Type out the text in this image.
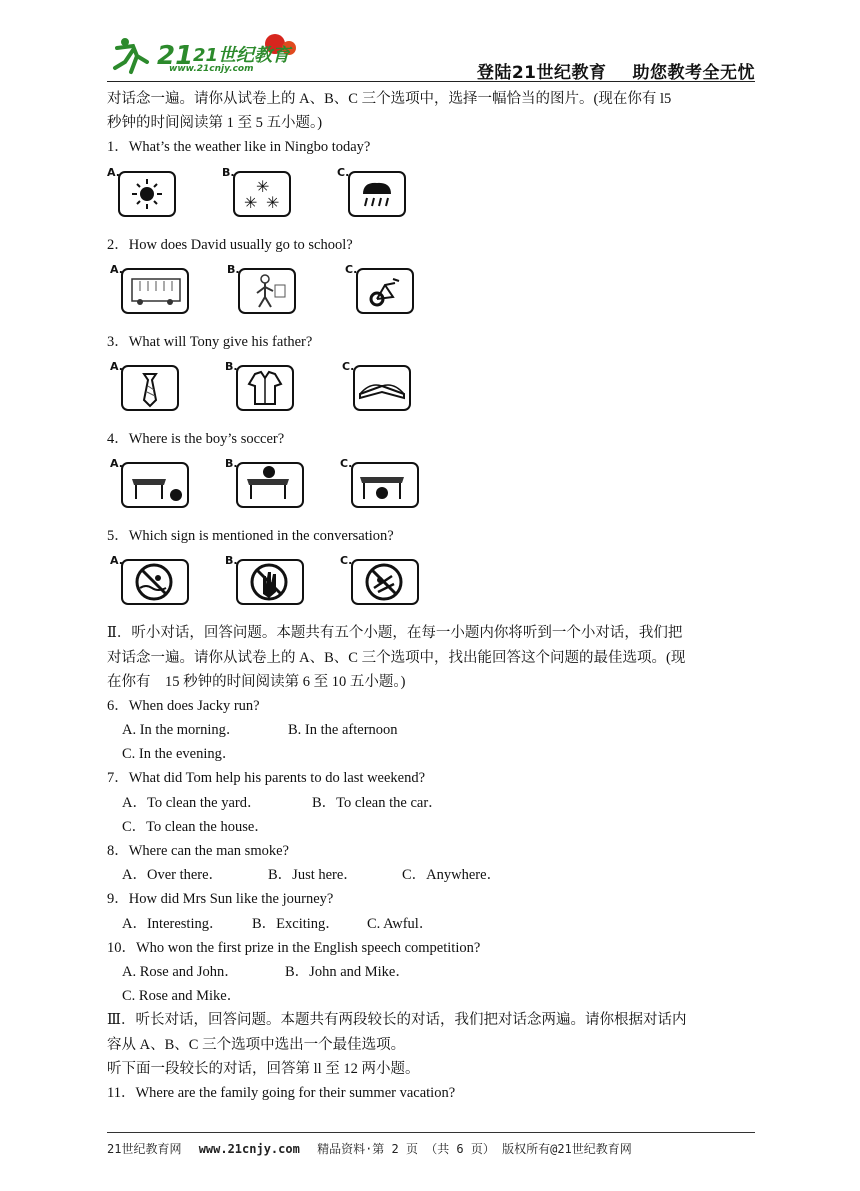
21 21世纪教育
www.21cnjy.com	登陆21世纪教育 助您教考全无忧
对话念一遍。请你从试卷上的 A、B、C 三个选项中，选择一幅恰当的图片。(现在你有 l5
秒钟的时间阅读第 1 至 5 五小题。)
1．What’s the weather like in Ningbo today?
A.	B.
✳
✳ ✳
C.
2．How does David usually go to school?
A.	B.	C.
3．What will Tony give his father?
A.	B.	C.
4．Where is the boy’s soccer?
A.	B.	C.
5．Which sign is mentioned in the conversation?
A.	B.	C.
Ⅱ．听小对话，回答问题。本题共有五个小题，在每一小题内你将听到一个小对话，我们把
对话念一遍。请你从试卷上的 A、B、C 三个选项中，找出能回答这个问题的最佳选项。(现
在你有　15 秒钟的时间阅读第 6 至 10 五小题。)
6．When does Jacky run?
A. In the morning．	B. In the afternoon
C. In the evening．
7．What did Tom help his parents to do last weekend?
A．To clean the yard．	B．To clean the car．
C．To clean the house．
8．Where can the man smoke?
A．Over there．	B．Just here．	C．Anywhere．
9．How did Mrs Sun like the journey?
A．Interesting． B．Exciting． C. Awful．
10．Who won the first prize in the English speech competition?
A. Rose and John．	B．John and Mike．
C. Rose and Mike．
Ⅲ．听长对话，回答问题。本题共有两段较长的对话，我们把对话念两遍。请你根据对话内
容从 A、B、C 三个选项中选出一个最佳选项。
听下面一段较长的对话，回答第 ll 至 12 两小题。
11．Where are the family going for their summer vacation?
21世纪教育网 www.21cnjy.com 精品资料·第 2 页 （共 6 页） 版权所有@21世纪教育网
